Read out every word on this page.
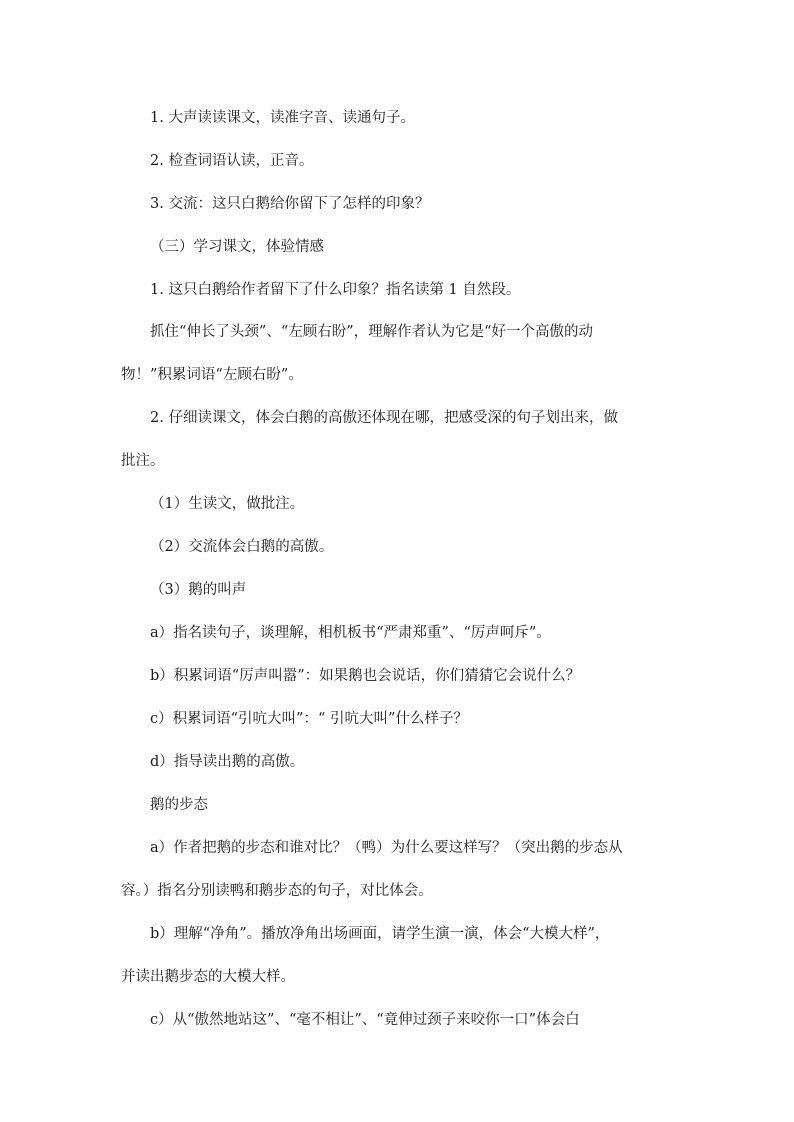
1. 大声读读课文，读准字音、读通句子。
2. 检查词语认读，正音。
3. 交流：这只白鹅给你留下了怎样的印象？
（三）学习课文，体验情感
1. 这只白鹅给作者留下了什么印象？指名读第 1 自然段。
抓住“伸长了头颈”、“左顾右盼”，理解作者认为它是“好一个高傲的动
物！”积累词语“左顾右盼”。
2. 仔细读课文，体会白鹅的高傲还体现在哪，把感受深的句子划出来，做
批注。
（1）生读文，做批注。
（2）交流体会白鹅的高傲。
（3）鹅的叫声
a）指名读句子，谈理解，相机板书“严肃郑重”、“厉声呵斥”。
b）积累词语“厉声叫嚣”：如果鹅也会说话，你们猜猜它会说什么？
c）积累词语“引吭大叫”：“ 引吭大叫”什么样子？
d）指导读出鹅的高傲。
鹅的步态
a）作者把鹅的步态和谁对比？（鸭）为什么要这样写？（突出鹅的步态从
容。）指名分别读鸭和鹅步态的句子，对比体会。
b）理解“净角”。播放净角出场画面，请学生演一演，体会“大模大样”，
并读出鹅步态的大模大样。
c）从“傲然地站这”、“毫不相让”、“竟伸过颈子来咬你一口”体会白
